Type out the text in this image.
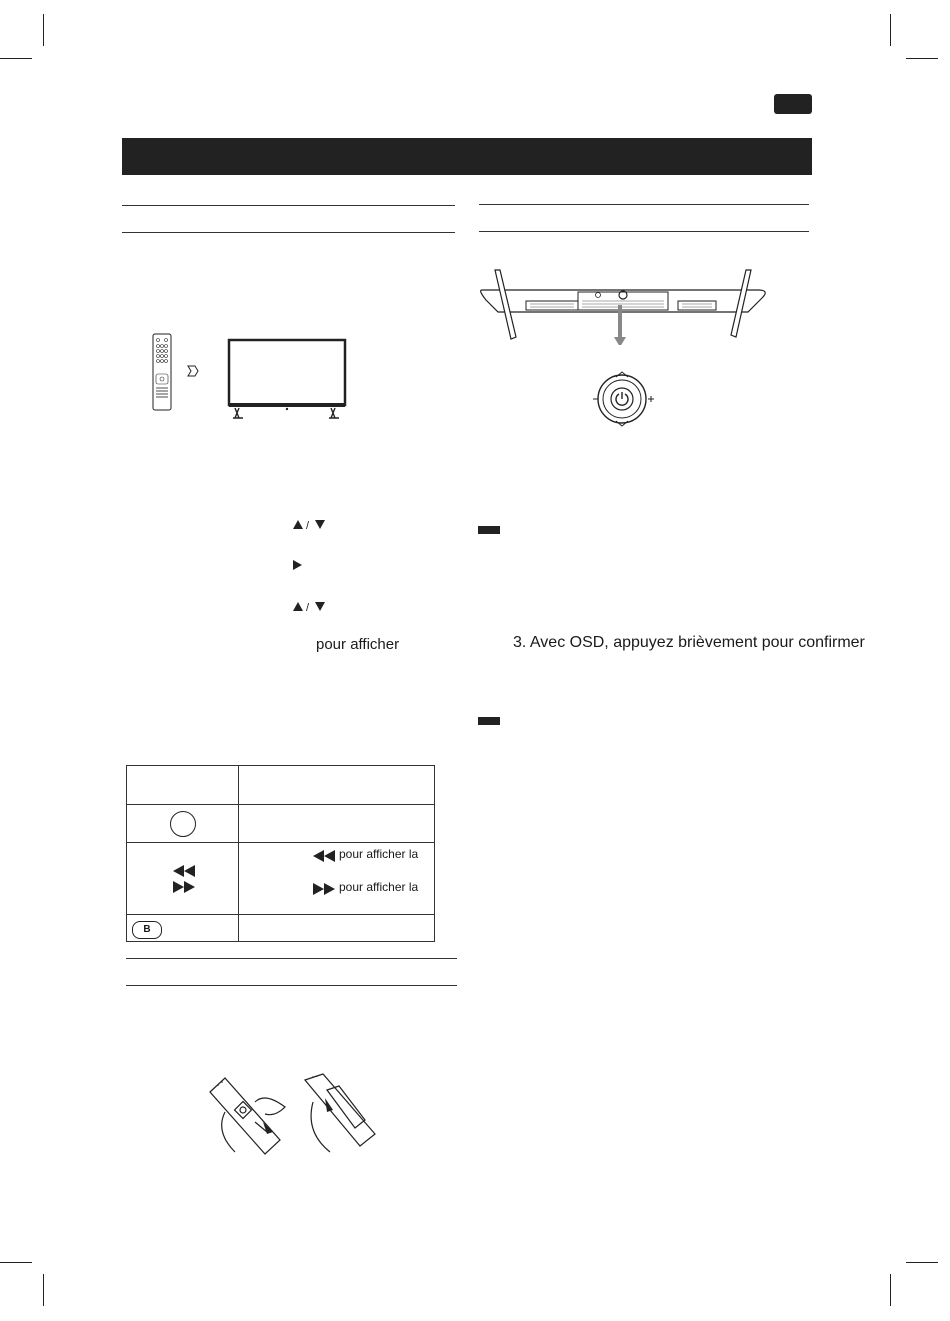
/
/
pour afficher	3. Avec OSD, appuyez brièvement pour confirmer
pour afficher la
pour afficher la
B
